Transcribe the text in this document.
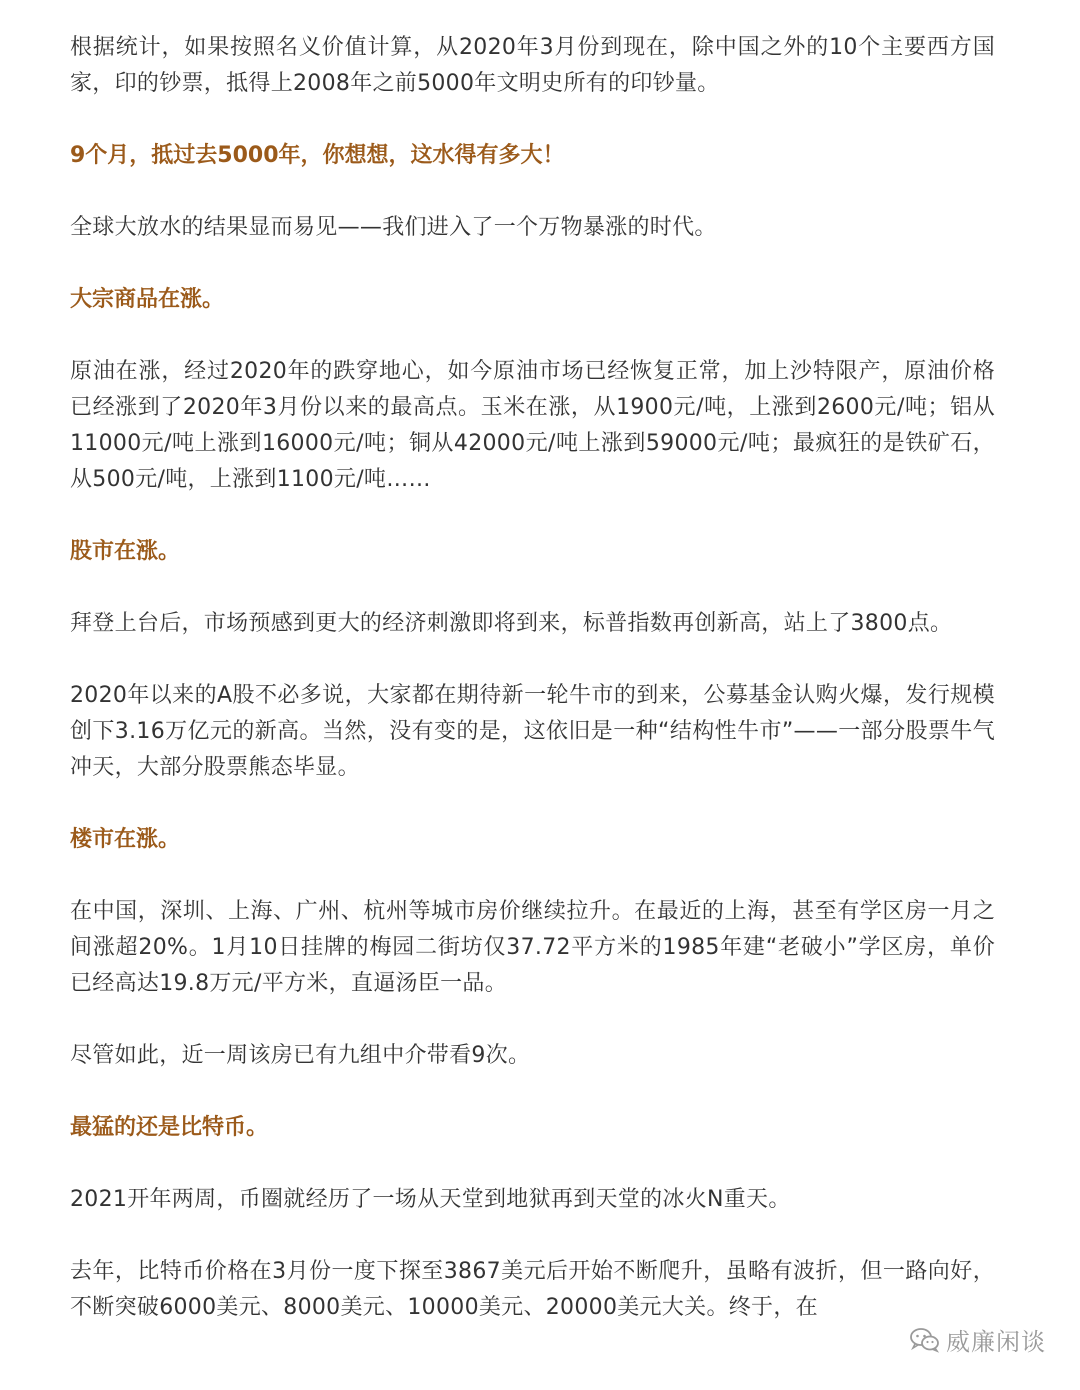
根据统计，如果按照名义价值计算，从2020年3月份到现在，除中国之外的10个主要西方国家，印的钞票，抵得上2008年之前5000年文明史所有的印钞量。

9个月，抵过去5000年，你想想，这水得有多大！

全球大放水的结果显而易见——我们进入了一个万物暴涨的时代。

大宗商品在涨。

原油在涨，经过2020年的跌穿地心，如今原油市场已经恢复正常，加上沙特限产，原油价格已经涨到了2020年3月份以来的最高点。玉米在涨，从1900元/吨，上涨到2600元/吨；铝从11000元/吨上涨到16000元/吨；铜从42000元/吨上涨到59000元/吨；最疯狂的是铁矿石，从500元/吨，上涨到1100元/吨……

股市在涨。

拜登上台后，市场预感到更大的经济刺激即将到来，标普指数再创新高，站上了3800点。

2020年以来的A股不必多说，大家都在期待新一轮牛市的到来，公募基金认购火爆，发行规模创下3.16万亿元的新高。当然，没有变的是，这依旧是一种“结构性牛市”——一部分股票牛气冲天，大部分股票熊态毕显。

楼市在涨。

在中国，深圳、上海、广州、杭州等城市房价继续拉升。在最近的上海，甚至有学区房一月之间涨超20%。1月10日挂牌的梅园二街坊仅37.72平方米的1985年建“老破小”学区房，单价已经高达19.8万元/平方米，直逼汤臣一品。

尽管如此，近一周该房已有九组中介带看9次。

最猛的还是比特币。

2021开年两周，币圈就经历了一场从天堂到地狱再到天堂的冰火N重天。

去年，比特币价格在3月份一度下探至3867美元后开始不断爬升，虽略有波折，但一路向好，不断突破6000美元、8000美元、10000美元、20000美元大关。终于，在

威廉闲谈
